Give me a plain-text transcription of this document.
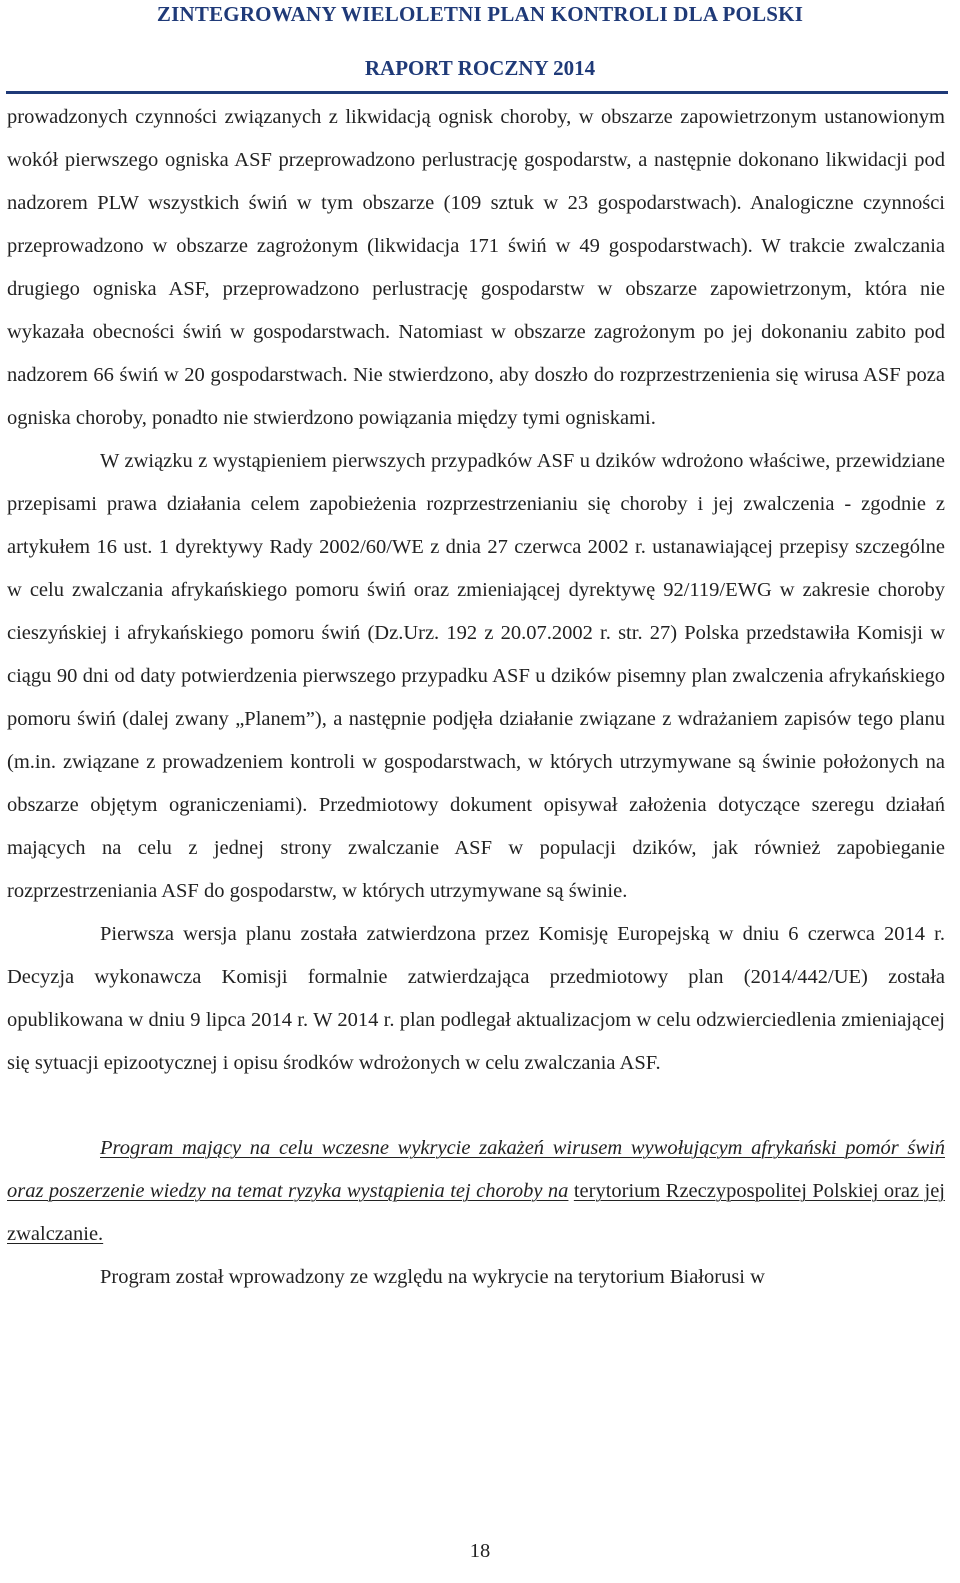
ZINTEGROWANY WIELOLETNI PLAN KONTROLI DLA POLSKI
RAPORT ROCZNY 2014

prowadzonych czynności związanych z likwidacją ognisk choroby, w obszarze zapowietrzonym ustanowionym wokół pierwszego ogniska ASF przeprowadzono perlustrację gospodarstw, a następnie dokonano likwidacji pod nadzorem PLW wszystkich świń w tym obszarze (109 sztuk w 23 gospodarstwach). Analogiczne czynności przeprowadzono w obszarze zagrożonym (likwidacja 171 świń w 49 gospodarstwach). W trakcie zwalczania drugiego ogniska ASF, przeprowadzono perlustrację gospodarstw w obszarze zapowietrzonym, która nie wykazała obecności świń w gospodarstwach. Natomiast w obszarze zagrożonym po jej dokonaniu zabito pod nadzorem 66 świń w 20 gospodarstwach. Nie stwierdzono, aby doszło do rozprzestrzenienia się wirusa ASF poza ogniska choroby, ponadto nie stwierdzono powiązania między tymi ogniskami.

W związku z wystąpieniem pierwszych przypadków ASF u dzików wdrożono właściwe, przewidziane przepisami prawa działania celem zapobieżenia rozprzestrzenianiu się choroby i jej zwalczenia - zgodnie z artykułem 16 ust. 1 dyrektywy Rady 2002/60/WE z dnia 27 czerwca 2002 r. ustanawiającej przepisy szczególne w celu zwalczania afrykańskiego pomoru świń oraz zmieniającej dyrektywę 92/119/EWG w zakresie choroby cieszyńskiej i afrykańskiego pomoru świń (Dz.Urz. 192 z 20.07.2002 r. str. 27) Polska przedstawiła Komisji w ciągu 90 dni od daty potwierdzenia pierwszego przypadku ASF u dzików pisemny plan zwalczenia afrykańskiego pomoru świń (dalej zwany „Planem”), a następnie podjęła działanie związane z wdrażaniem zapisów tego planu (m.in. związane z prowadzeniem kontroli w gospodarstwach, w których utrzymywane są świnie położonych na obszarze objętym ograniczeniami). Przedmiotowy dokument opisywał założenia dotyczące szeregu działań mających na celu z jednej strony zwalczanie ASF w populacji dzików, jak również zapobieganie rozprzestrzeniania ASF do gospodarstw, w których utrzymywane są świnie.

Pierwsza wersja planu została zatwierdzona przez Komisję Europejską w dniu 6 czerwca 2014 r. Decyzja wykonawcza Komisji formalnie zatwierdzająca przedmiotowy plan (2014/442/UE) została opublikowana w dniu 9 lipca 2014 r. W 2014 r. plan podlegał aktualizacjom w celu odzwierciedlenia zmieniającej się sytuacji epizootycznej i opisu środków wdrożonych w celu zwalczania ASF.

Program mający na celu wczesne wykrycie zakażeń wirusem wywołującym afrykański pomór świń oraz poszerzenie wiedzy na temat ryzyka wystąpienia tej choroby na terytorium Rzeczypospolitej Polskiej oraz jej zwalczanie.

Program został wprowadzony ze względu na wykrycie na terytorium Białorusi w

18
